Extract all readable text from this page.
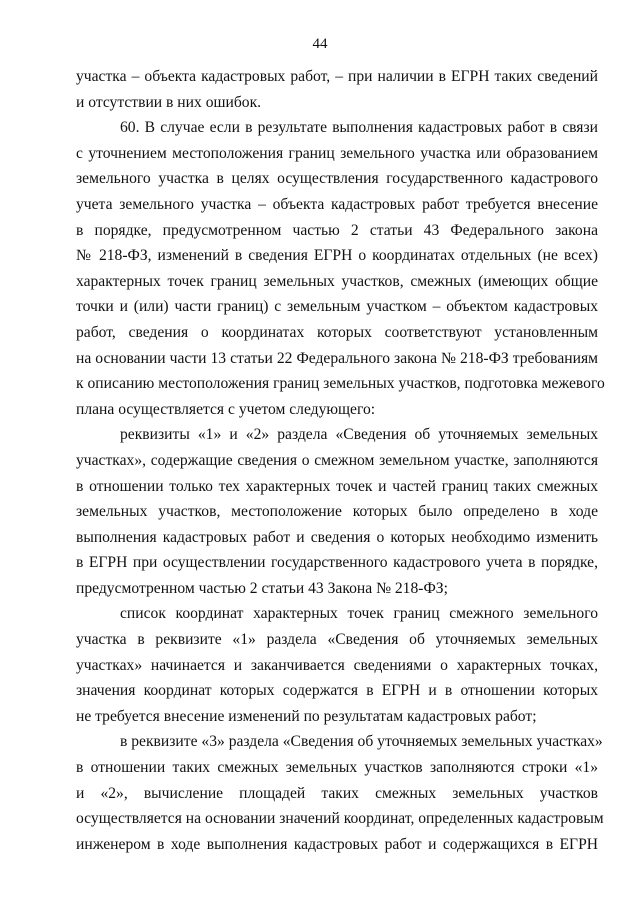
44
участка – объекта кадастровых работ, – при наличии в ЕГРН таких сведений
и отсутствии в них ошибок.
60. В случае если в результате выполнения кадастровых работ в связи
с уточнением местоположения границ земельного участка или образованием
земельного участка в целях осуществления государственного кадастрового
учета земельного участка – объекта кадастровых работ требуется внесение
в порядке, предусмотренном частью 2 статьи 43 Федерального закона
№ 218-ФЗ, изменений в сведения ЕГРН о координатах отдельных (не всех)
характерных точек границ земельных участков, смежных (имеющих общие
точки и (или) части границ) с земельным участком – объектом кадастровых
работ, сведения о координатах которых соответствуют установленным
на основании части 13 статьи 22 Федерального закона № 218-ФЗ требованиям
к описанию местоположения границ земельных участков, подготовка межевого
плана осуществляется с учетом следующего:
реквизиты «1» и «2» раздела «Сведения об уточняемых земельных
участках», содержащие сведения о смежном земельном участке, заполняются
в отношении только тех характерных точек и частей границ таких смежных
земельных участков, местоположение которых было определено в ходе
выполнения кадастровых работ и сведения о которых необходимо изменить
в ЕГРН при осуществлении государственного кадастрового учета в порядке,
предусмотренном частью 2 статьи 43 Закона № 218-ФЗ;
список координат характерных точек границ смежного земельного
участка в реквизите «1» раздела «Сведения об уточняемых земельных
участках» начинается и заканчивается сведениями о характерных точках,
значения координат которых содержатся в ЕГРН и в отношении которых
не требуется внесение изменений по результатам кадастровых работ;
в реквизите «3» раздела «Сведения об уточняемых земельных участках»
в отношении таких смежных земельных участков заполняются строки «1»
и «2», вычисление площадей таких смежных земельных участков
осуществляется на основании значений координат, определенных кадастровым
инженером в ходе выполнения кадастровых работ и содержащихся в ЕГРН
